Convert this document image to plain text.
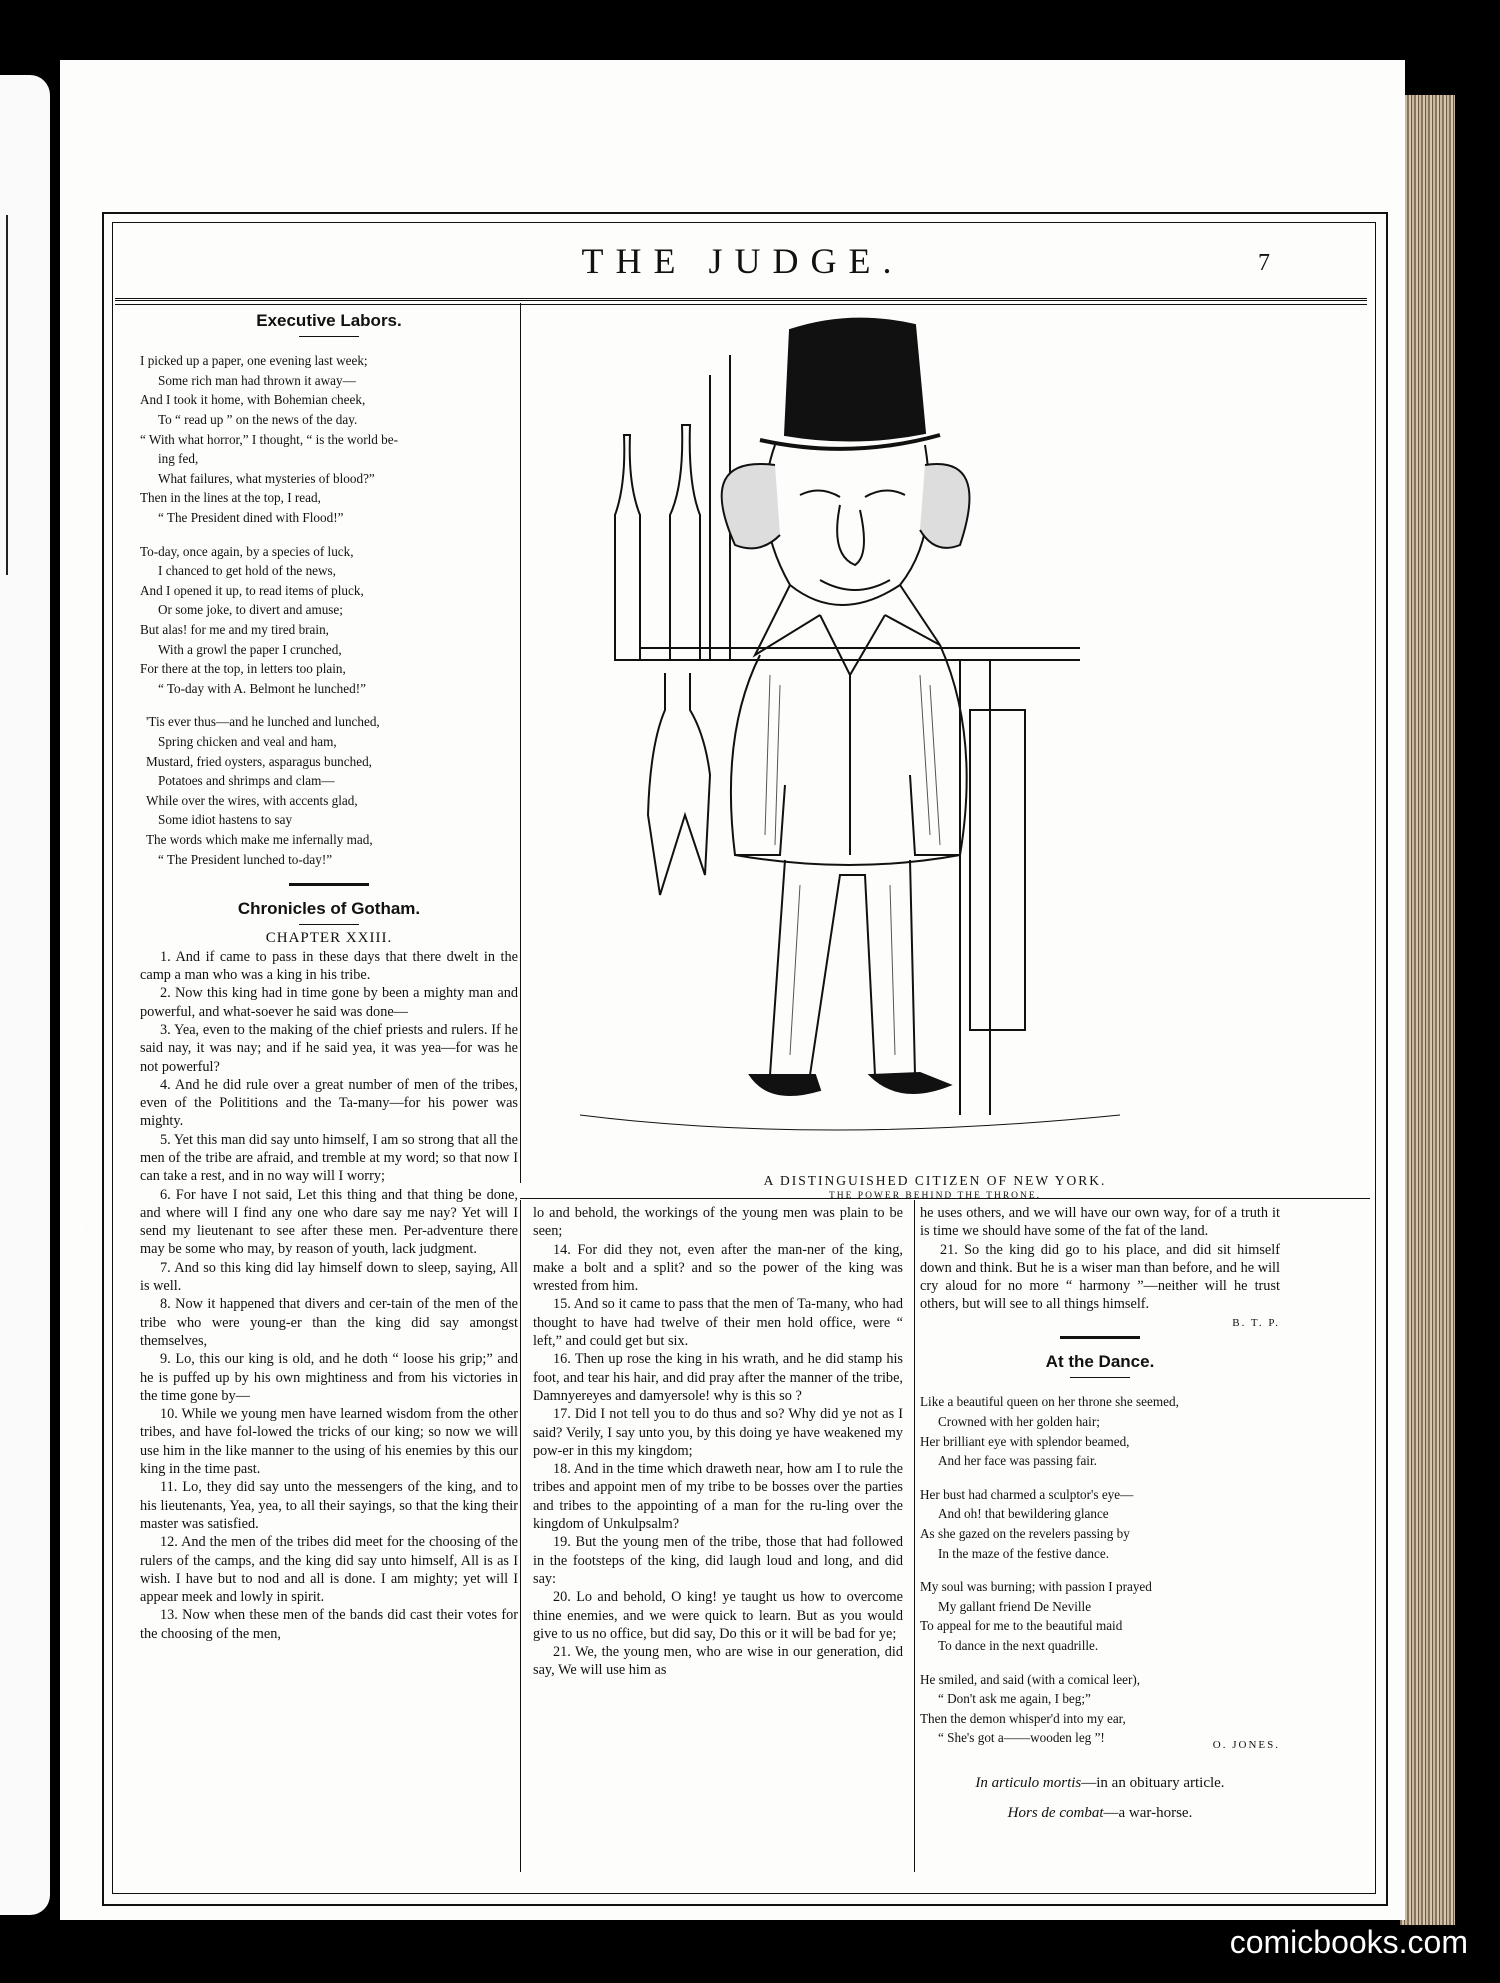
THE JUDGE.	7
Executive Labors.
I picked up a paper, one evening last week;
Some rich man had thrown it away—
And I took it home, with Bohemian cheek,
To “ read up ” on the news of the day.
“ With what horror,” I thought, “ is the world be-
ing fed,
What failures, what mysteries of blood?”
Then in the lines at the top, I read,
“ The President dined with Flood!”
To-day, once again, by a species of luck,
I chanced to get hold of the news,
And I opened it up, to read items of pluck,
Or some joke, to divert and amuse;
But alas! for me and my tired brain,
With a growl the paper I crunched,
For there at the top, in letters too plain,
“ To-day with A. Belmont he lunched!”
'Tis ever thus—and he lunched and lunched,
Spring chicken and veal and ham,
Mustard, fried oysters, asparagus bunched,
Potatoes and shrimps and clam—
While over the wires, with accents glad,
Some idiot hastens to say
The words which make me infernally mad,
“ The President lunched to-day!”
Chronicles of Gotham.
CHAPTER XXIII.

1. And if came to pass in these days that there dwelt in the camp a man who was a king in his tribe.

2. Now this king had in time gone by been a mighty man and powerful, and what-soever he said was done—

3. Yea, even to the making of the chief priests and rulers. If he said nay, it was nay; and if he said yea, it was yea—for was he not powerful?

4. And he did rule over a great number of men of the tribes, even of the Polititions and the Ta-many—for his power was mighty.

5. Yet this man did say unto himself, I am so strong that all the men of the tribe are afraid, and tremble at my word; so that now I can take a rest, and in no way will I worry;

6. For have I not said, Let this thing and that thing be done, and where will I find any one who dare say me nay? Yet will I send my lieutenant to see after these men. Per-adventure there may be some who may, by reason of youth, lack judgment.

7. And so this king did lay himself down to sleep, saying, All is well.

8. Now it happened that divers and cer-tain of the men of the tribe who were young-er than the king did say amongst themselves,

9. Lo, this our king is old, and he doth “ loose his grip;” and he is puffed up by his own mightiness and from his victories in the time gone by—

10. While we young men have learned wisdom from the other tribes, and have fol-lowed the tricks of our king; so now we will use him in the like manner to the using of his enemies by this our king in the time past.

11. Lo, they did say unto the messengers of the king, and to his lieutenants, Yea, yea, to all their sayings, so that the king their master was satisfied.

12. And the men of the tribes did meet for the choosing of the rulers of the camps, and the king did say unto himself, All is as I wish. I have but to nod and all is done. I am mighty; yet will I appear meek and lowly in spirit.

13. Now when these men of the bands did cast their votes for the choosing of the men,

A DISTINGUISHED CITIZEN OF NEW YORK.
THE POWER BEHIND THE THRONE.

lo and behold, the workings of the young men was plain to be seen;

14. For did they not, even after the man-ner of the king, make a bolt and a split? and so the power of the king was wrested from him.

15. And so it came to pass that the men of Ta-many, who had thought to have had twelve of their men hold office, were “ left,” and could get but six.

16. Then up rose the king in his wrath, and he did stamp his foot, and tear his hair, and did pray after the manner of the tribe, Damnyereyes and damyersole! why is this so ?

17. Did I not tell you to do thus and so? Why did ye not as I said? Verily, I say unto you, by this doing ye have weakened my pow-er in this my kingdom;

18. And in the time which draweth near, how am I to rule the tribes and appoint men of my tribe to be bosses over the parties and tribes to the appointing of a man for the ru-ling over the kingdom of Unkulpsalm?

19. But the young men of the tribe, those that had followed in the footsteps of the king, did laugh loud and long, and did say:

20. Lo and behold, O king! ye taught us how to overcome thine enemies, and we were quick to learn. But as you would give to us no office, but did say, Do this or it will be bad for ye;

21. We, the young men, who are wise in our generation, did say, We will use him as

he uses others, and we will have our own way, for of a truth it is time we should have some of the fat of the land.

21. So the king did go to his place, and did sit himself down and think. But he is a wiser man than before, and he will cry aloud for no more “ harmony ”—neither will he trust others, but will see to all things himself.

B. T. P.
At the Dance.
Like a beautiful queen on her throne she seemed,
Crowned with her golden hair;
Her brilliant eye with splendor beamed,
And her face was passing fair.
Her bust had charmed a sculptor's eye—
And oh! that bewildering glance
As she gazed on the revelers passing by
In the maze of the festive dance.
My soul was burning; with passion I prayed
My gallant friend De Neville
To appeal for me to the beautiful maid
To dance in the next quadrille.
He smiled, and said (with a comical leer),
“ Don't ask me again, I beg;”
Then the demon whisper'd into my ear,
“ She's got a——wooden leg ”!	O. JONES.
In articulo mortis—in an obituary article.
Hors de combat—a war-horse.
comicbooks.com
